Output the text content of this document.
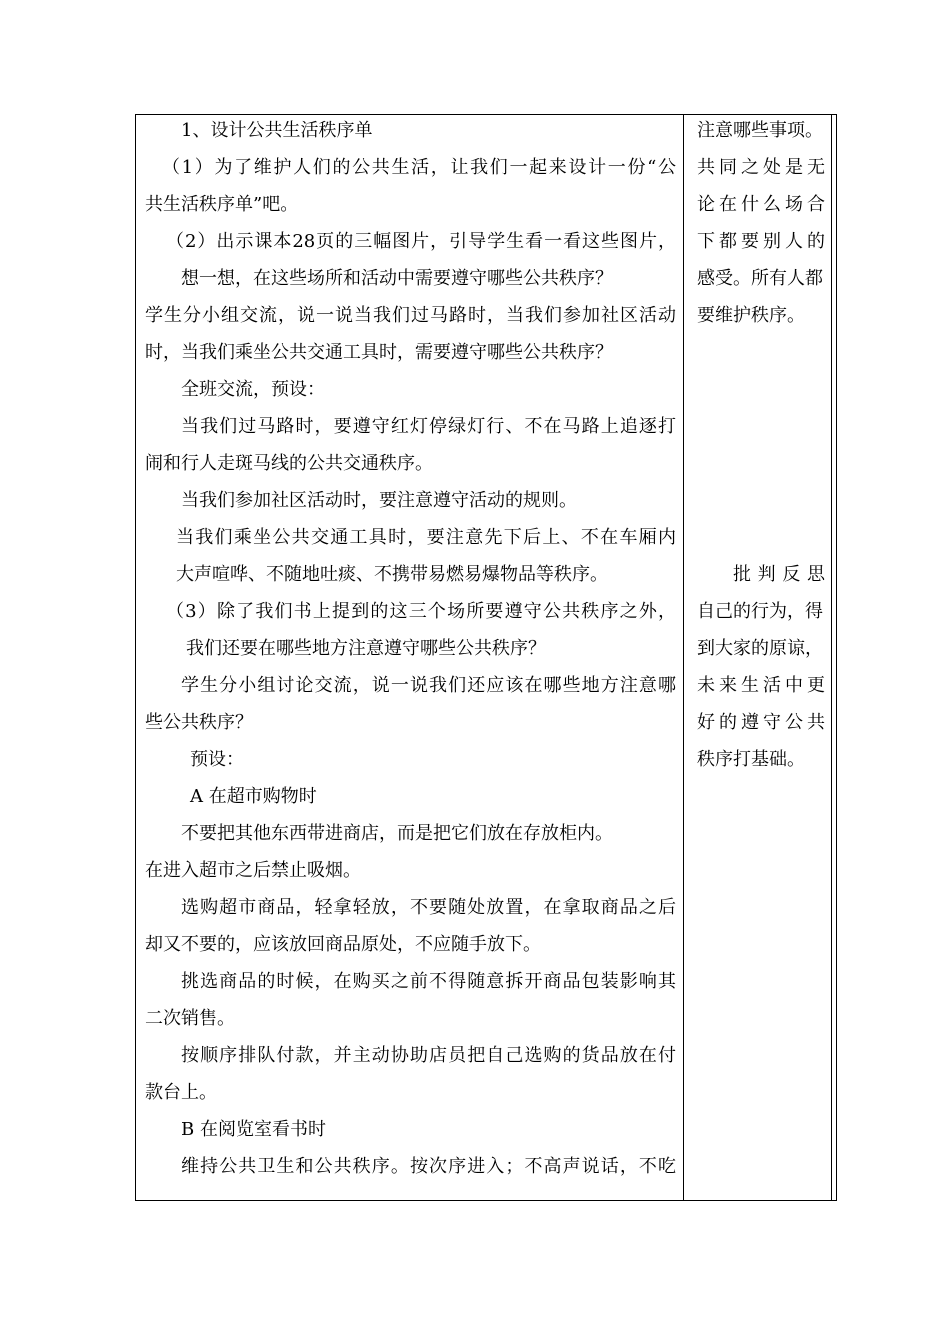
1、设计公共生活秩序单
（1）为了维护人们的公共生活，让我们一起来设计一份“公
共生活秩序单”吧。
（2）出示课本28页的三幅图片，引导学生看一看这些图片，
想一想，在这些场所和活动中需要遵守哪些公共秩序？
学生分小组交流，说一说当我们过马路时，当我们参加社区活动
时，当我们乘坐公共交通工具时，需要遵守哪些公共秩序？
全班交流，预设：
当我们过马路时，要遵守红灯停绿灯行、不在马路上追逐打
闹和行人走斑马线的公共交通秩序。
当我们参加社区活动时，要注意遵守活动的规则。
当我们乘坐公共交通工具时，要注意先下后上、不在车厢内
大声喧哗、不随地吐痰、不携带易燃易爆物品等秩序。
（3）除了我们书上提到的这三个场所要遵守公共秩序之外，
我们还要在哪些地方注意遵守哪些公共秩序？
学生分小组讨论交流，说一说我们还应该在哪些地方注意哪
些公共秩序？
预设：
A 在超市购物时
不要把其他东西带进商店，而是把它们放在存放柜内。
在进入超市之后禁止吸烟。
选购超市商品，轻拿轻放，不要随处放置，在拿取商品之后
却又不要的，应该放回商品原处，不应随手放下。
挑选商品的时候，在购买之前不得随意拆开商品包装影响其
二次销售。
按顺序排队付款，并主动协助店员把自己选购的货品放在付
款台上。
B 在阅览室看书时
维持公共卫生和公共秩序。按次序进入；不高声说话，不吃
注意哪些事项。
共同之处是无
论在什么场合
下都要别人的
感受。所有人都
要维护秩序。
批判反思
自己的行为，得
到大家的原谅，
未来生活中更
好的遵守公共
秩序打基础。
